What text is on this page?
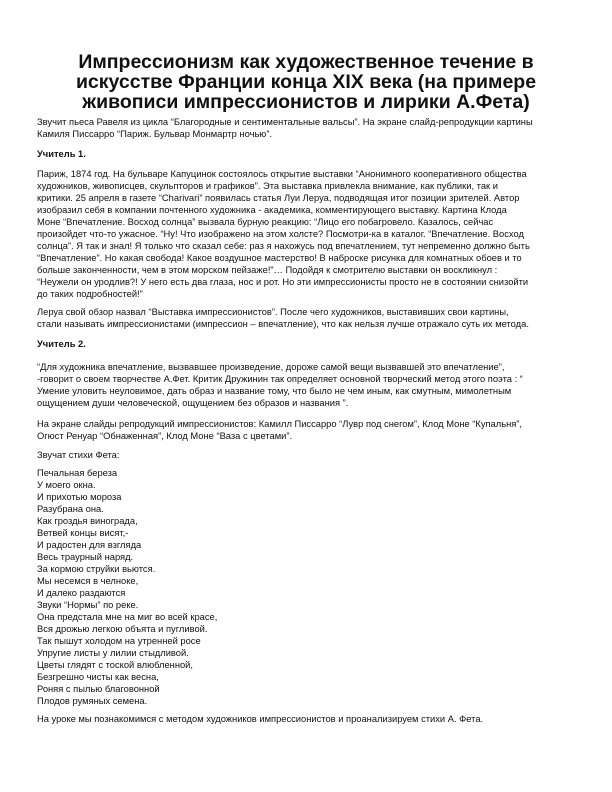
Импрессионизм как художественное течение в
искусстве Франции конца XIX века (на примере
живописи импрессионистов и лирики А.Фета)
Звучит пьеса Равеля из цикла “Благородные и сентиментальные вальсы”. На экране слайд-репродукции картины
Камиля Писсарро “Париж. Бульвар Монмартр ночью”.
Учитель 1.
Париж, 1874 год. На бульваре Капуцинок состоялось открытие выставки “Анонимного кооперативного общества
художников, живописцев, скульпторов и графиков”. Эта выставка привлекла внимание, как публики, так и
критики. 25 апреля в газете “Charivari” появилась статья Луи Леруа, подводящая итог позиции зрителей. Автор
изобразил себя в компании почтенного художника - академика, комментирующего выставку. Картина Клода
Моне “Впечатление. Восход солнца” вызвала бурную реакцию: “Лицо его побагровело. Казалось, сейчас
произойдет что-то ужасное. “Ну! Что изображено на этом холсте? Посмотри-ка в каталог. “Впечатление. Восход
солнца”. Я так и знал! Я только что сказал себе: раз я нахожусь под впечатлением, тут непременно должно быть
“Впечатление”. Но какая свобода! Какое воздушное мастерство! В наброске рисунка для комнатных обоев и то
больше законченности, чем в этом морском пейзаже!”… Подойдя к смотрителю выставки он воскликнул :
“Неужели он уродлив?! У него есть два глаза, нос и рот. Но эти импрессионисты просто не в состоянии снизойти
до таких подробностей!”
Леруа свой обзор назвал “Выставка импрессионистов”. После чего художников, выставивших свои картины,
стали называть импрессионистами (импрессион – впечатление), что как нельзя лучше отражало суть их метода.
Учитель 2.
“Для художника впечатление, вызвавшее произведение, дороже самой вещи вызвавшей это впечатление”,
-говорит о своем творчестве А.Фет. Критик Дружинин так определяет основной творческий метод этого поэта : “
Умение уловить неуловимое, дать образ и название тому, что было не чем иным, как смутным, мимолетным
ощущением души человеческой, ощущением без образов и названия ”.
На экране слайды репродукций импрессионистов: Камилл Писсарро “Лувр под снегом”, Клод Моне “Купальня”,
Огюст Ренуар “Обнаженная”, Клод Моне “Ваза с цветами”.
Звучат стихи Фета:
Печальная береза
У моего окна.
И прихотью мороза
Разубрана она.
Как гроздья винограда,
Ветвей концы висят,-
И радостен для взгляда
Весь траурный наряд.
За кормою струйки вьются.
Мы несемся в челноке,
И далеко раздаются
Звуки “Нормы” по реке.
Она предстала мне на миг во всей красе,
Вся дрожью легкою объята и пугливой.
Так пышут холодом на утренней росе
Упругие листы у лилии стыдливой.
Цветы глядят с тоской влюбленной,
Безгрешно чисты как весна,
Роняя с пылью благовонной
Плодов румяных семена.
На уроке мы познакомимся с методом художников импрессионистов и проанализируем стихи А. Фета.
